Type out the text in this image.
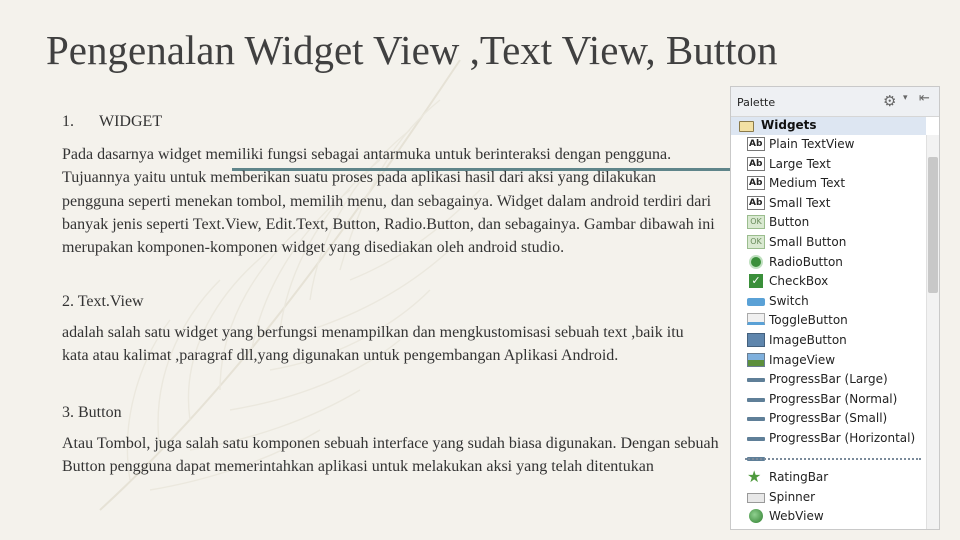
Pengenalan Widget View ,Text View, Button
1. WIDGET
Pada dasarnya widget memiliki fungsi sebagai antarmuka untuk berinteraksi dengan pengguna. Tujuannya yaitu untuk memberikan suatu proses pada aplikasi hasil dari aksi yang dilakukan pengguna seperti menekan tombol, memilih menu, dan sebagainya. Widget dalam android terdiri dari banyak jenis seperti Text.View, Edit.Text, Button, Radio.Button, dan sebagainya. Gambar dibawah ini merupakan komponen-komponen widget yang disediakan oleh android studio.
2. Text.View
adalah salah satu widget yang berfungsi menampilkan dan mengkustomisasi sebuah text ,baik itu kata atau kalimat ,paragraf dll,yang digunakan untuk pengembangan Aplikasi Android.
3. Button
Atau Tombol, juga salah satu komponen sebuah interface yang sudah biasa digunakan. Dengan sebuah Button pengguna dapat memerintahkan aplikasi untuk melakukan aksi yang telah ditentukan
Palette	⚙ ▾ ⇤
Widgets
Ab Plain TextView
Ab Large Text
Ab Medium Text
Ab Small Text
OK Button
OK Small Button
RadioButton
✓ CheckBox
Switch
ToggleButton
ImageButton
ImageView
ProgressBar (Large)
ProgressBar (Normal)
ProgressBar (Small)
ProgressBar (Horizontal)
★ RatingBar
Spinner
WebView
